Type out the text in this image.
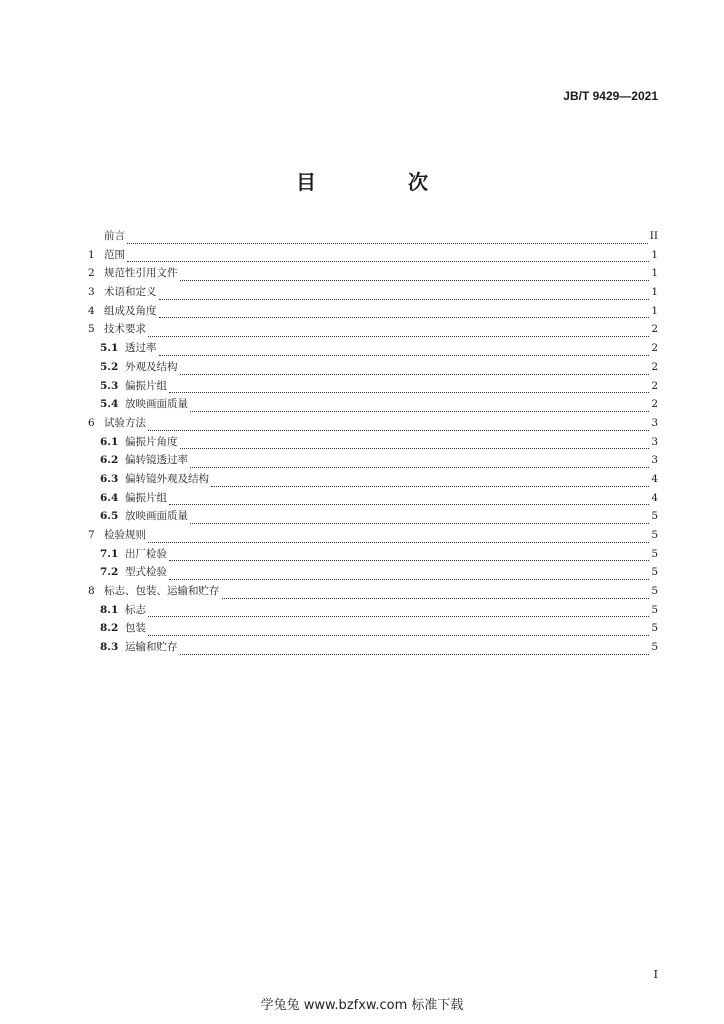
JB/T 9429—2021
目　次
前言	II
1 范围	1
2 规范性引用文件	1
3 术语和定义	1
4 组成及角度	1
5 技术要求	2
5.1 透过率	2
5.2 外观及结构	2
5.3 偏振片组	2
5.4 放映画面质量	2
6 试验方法	3
6.1 偏振片角度	3
6.2 偏转镜透过率	3
6.3 偏转镜外观及结构	4
6.4 偏振片组	4
6.5 放映画面质量	5
7 检验规则	5
7.1 出厂检验	5
7.2 型式检验	5
8 标志、包装、运输和贮存	5
8.1 标志	5
8.2 包装	5
8.3 运输和贮存	5
I
学兔兔 www.bzfxw.com 标准下载
